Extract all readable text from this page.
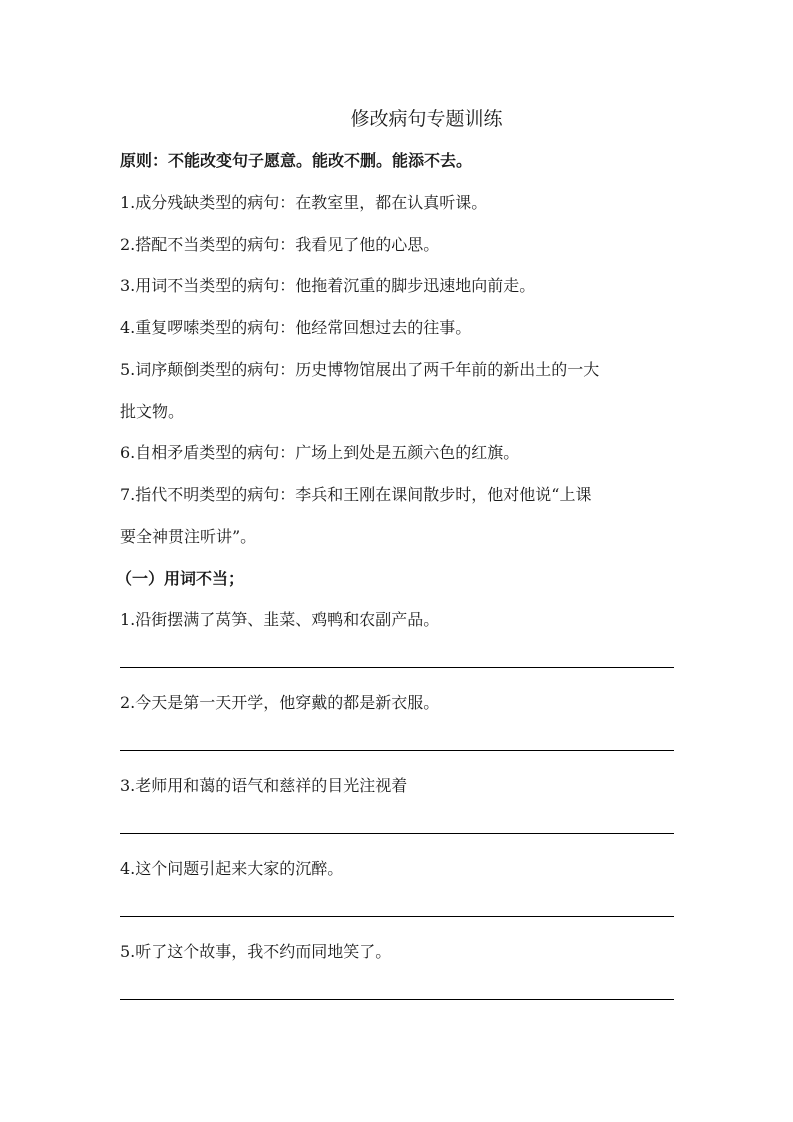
修改病句专题训练
原则：不能改变句子愿意。能改不删。能添不去。
1.成分残缺类型的病句：在教室里，都在认真听课。
2.搭配不当类型的病句：我看见了他的心思。
3.用词不当类型的病句：他拖着沉重的脚步迅速地向前走。
4.重复啰嗦类型的病句：他经常回想过去的往事。
5.词序颠倒类型的病句：历史博物馆展出了两千年前的新出土的一大
批文物。
6.自相矛盾类型的病句：广场上到处是五颜六色的红旗。
7.指代不明类型的病句：李兵和王刚在课间散步时，他对他说“上课
要全神贯注听讲”。
（一）用词不当；
1.沿街摆满了莴笋、韭菜、鸡鸭和农副产品。
2.今天是第一天开学，他穿戴的都是新衣服。
3.老师用和蔼的语气和慈祥的目光注视着
4.这个问题引起来大家的沉醉。
5.听了这个故事，我不约而同地笑了。
